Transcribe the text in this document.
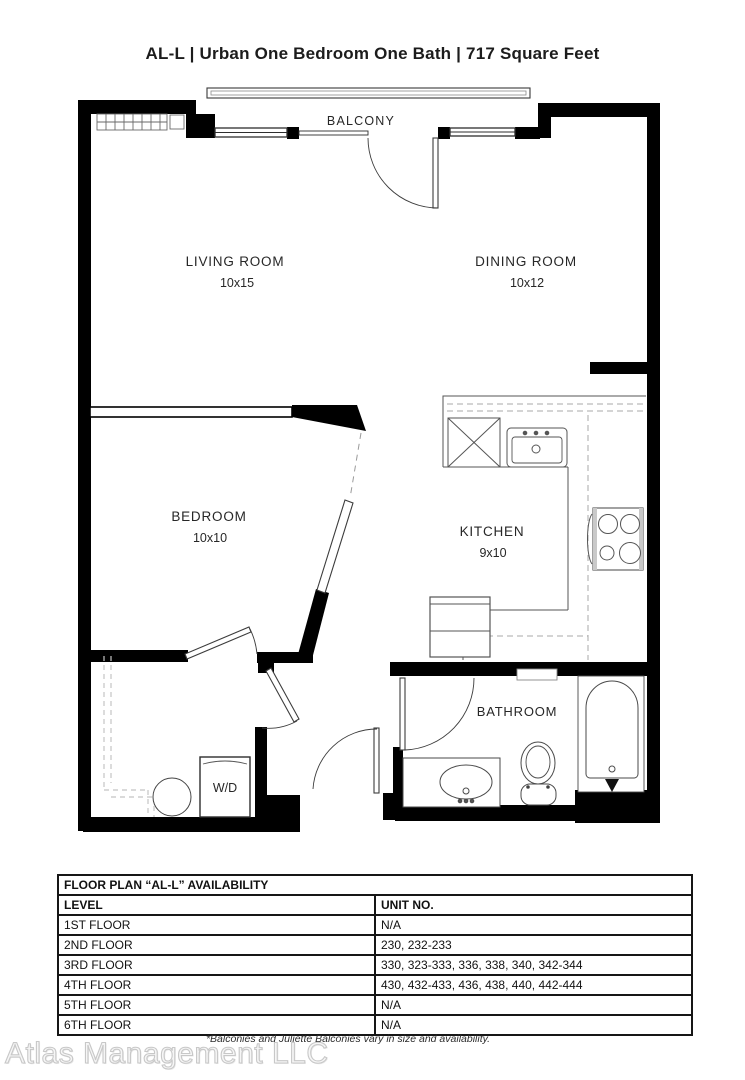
AL-L | Urban One Bedroom One Bath | 717 Square Feet
BALCONY
LIVING ROOM
10x15
DINING ROOM
10x12
BEDROOM
10x10	KITCHEN
9x10
BATHROOM
W/D
FLOOR PLAN “AL-L” AVAILABILITY	
LEVEL	UNIT NO.
1ST FLOOR	N/A
2ND FLOOR	230, 232-233
3RD FLOOR	330, 323-333, 336, 338, 340, 342-344
4TH FLOOR	430, 432-433, 436, 438, 440, 442-444
5TH FLOOR	N/A
6TH FLOOR	N/A
*Balconies and Juliette Balconies vary in size and availability.
Atlas Management LLC
